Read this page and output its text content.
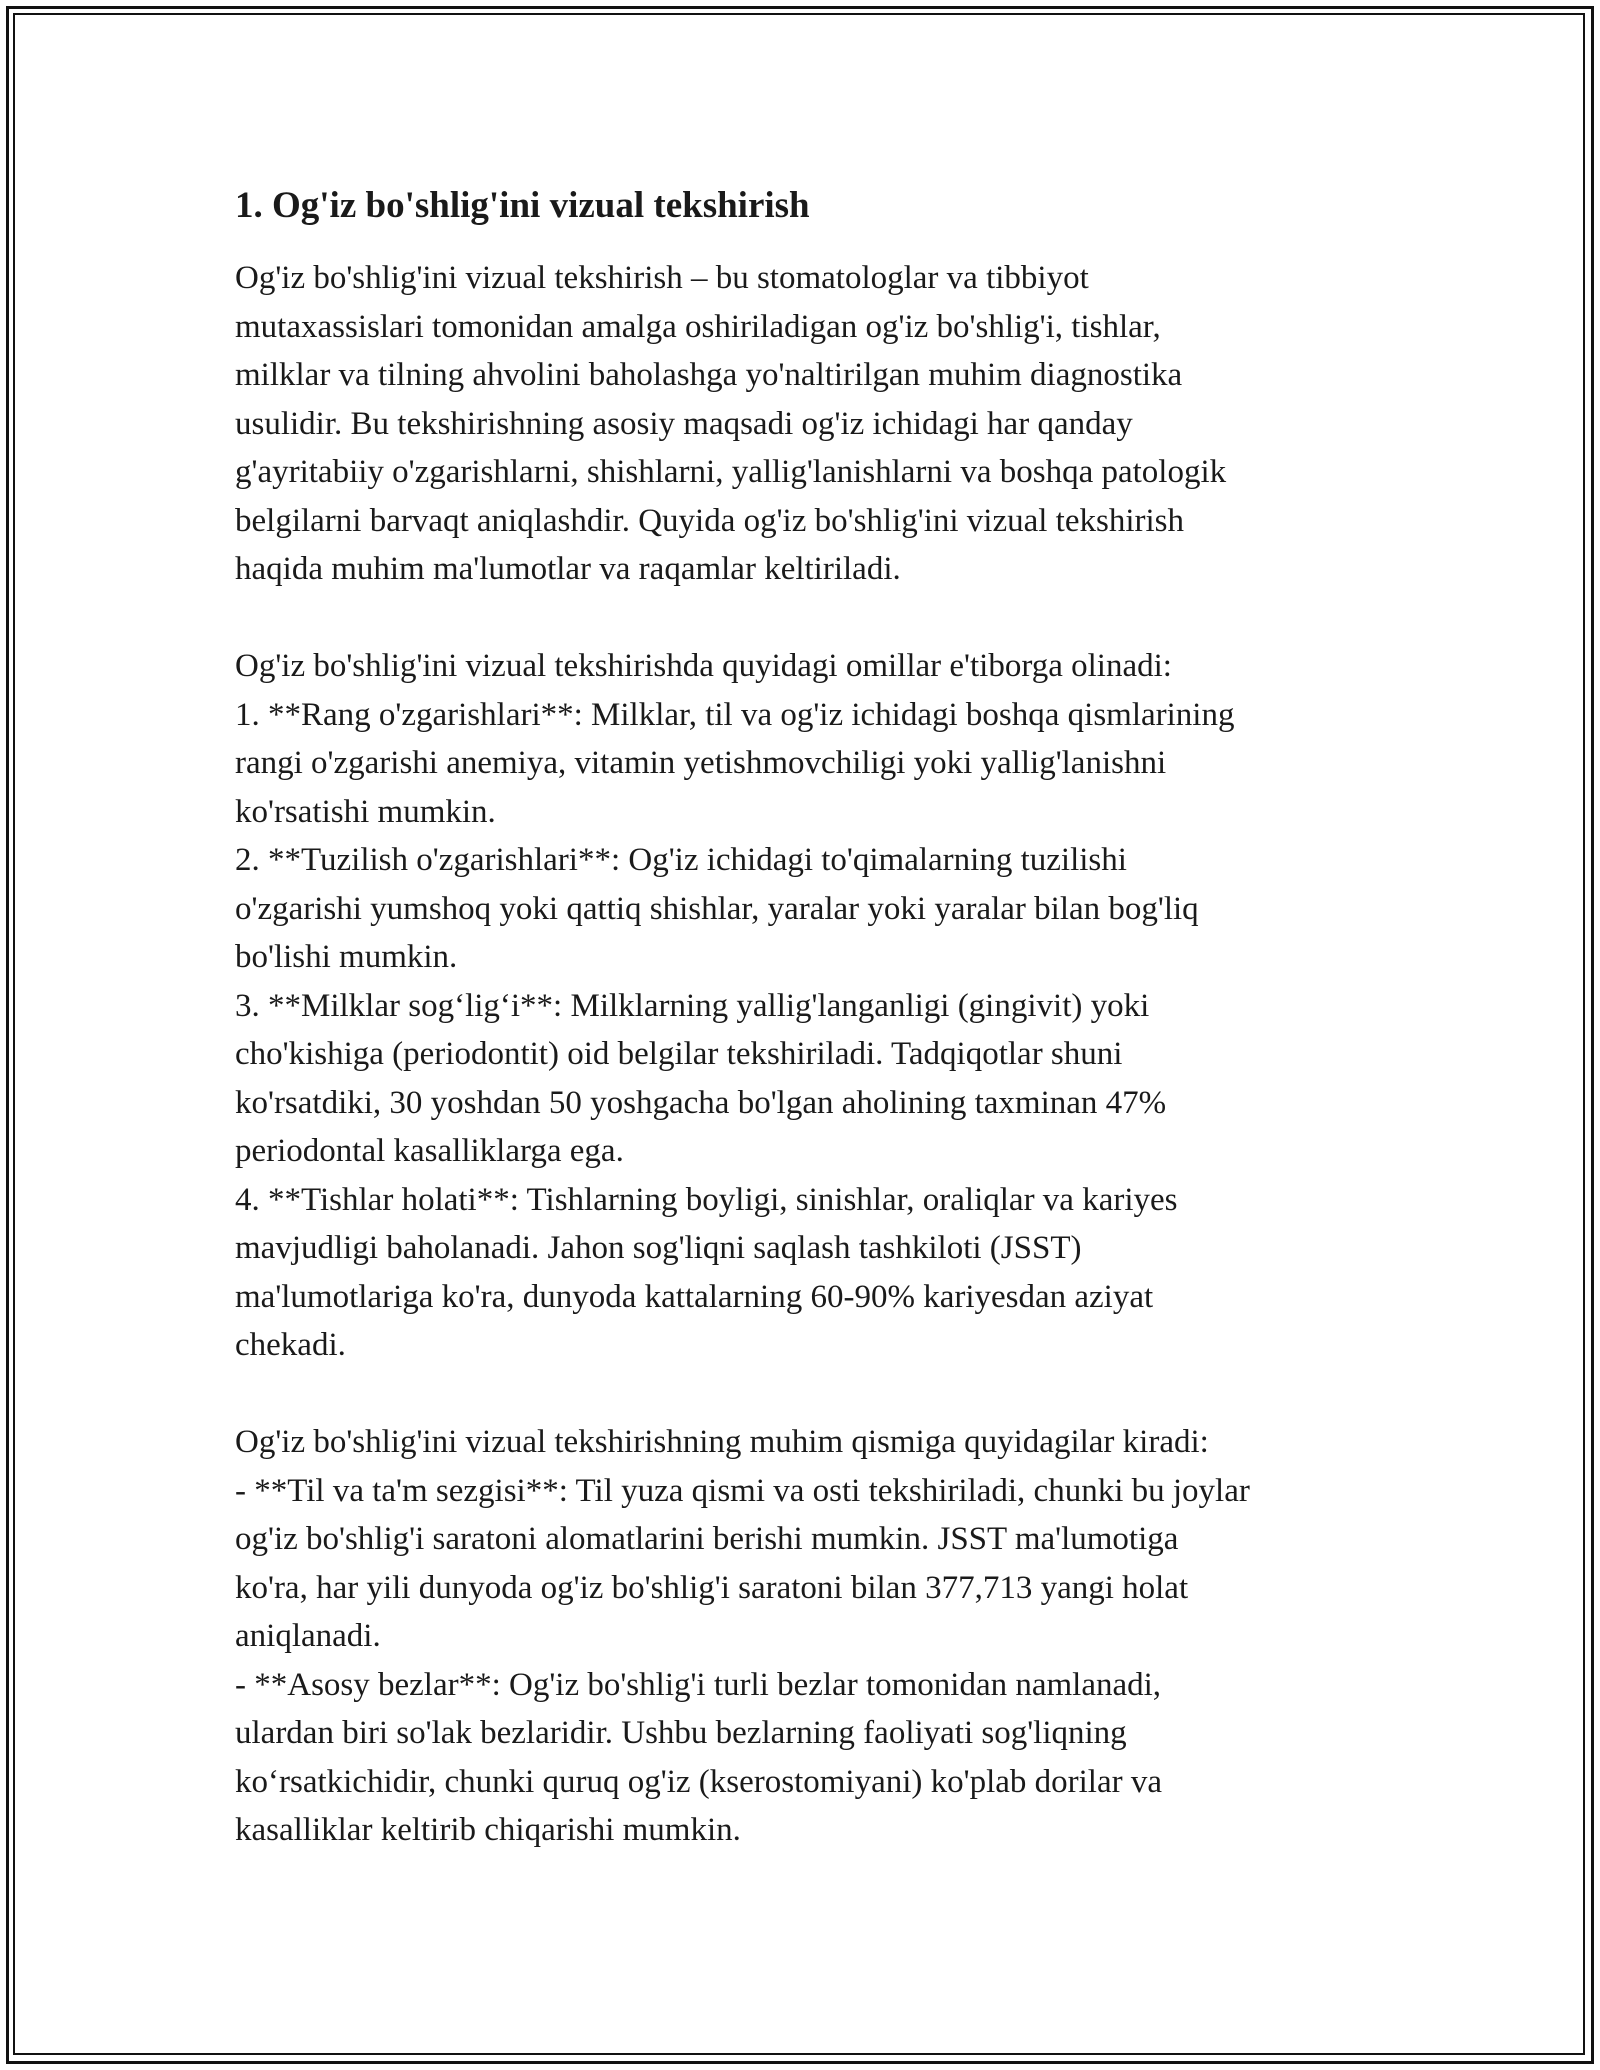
1. Og'iz bo'shlig'ini vizual tekshirish
Og'iz bo'shlig'ini vizual tekshirish – bu stomatologlar va tibbiyot
mutaxassislari tomonidan amalga oshiriladigan og'iz bo'shlig'i, tishlar,
milklar va tilning ahvolini baholashga yo'naltirilgan muhim diagnostika
usulidir. Bu tekshirishning asosiy maqsadi og'iz ichidagi har qanday
g'ayritabiiy o'zgarishlarni, shishlarni, yallig'lanishlarni va boshqa patologik
belgilarni barvaqt aniqlashdir. Quyida og'iz bo'shlig'ini vizual tekshirish
haqida muhim ma'lumotlar va raqamlar keltiriladi.
Og'iz bo'shlig'ini vizual tekshirishda quyidagi omillar e'tiborga olinadi:
1. **Rang o'zgarishlari**: Milklar, til va og'iz ichidagi boshqa qismlarining
rangi o'zgarishi anemiya, vitamin yetishmovchiligi yoki yallig'lanishni
ko'rsatishi mumkin.
2. **Tuzilish o'zgarishlari**: Og'iz ichidagi to'qimalarning tuzilishi
o'zgarishi yumshoq yoki qattiq shishlar, yaralar yoki yaralar bilan bog'liq
bo'lishi mumkin.
3. **Milklar sog‘lig‘i**: Milklarning yallig'langanligi (gingivit) yoki
cho'kishiga (periodontit) oid belgilar tekshiriladi. Tadqiqotlar shuni
ko'rsatdiki, 30 yoshdan 50 yoshgacha bo'lgan aholining taxminan 47%
periodontal kasalliklarga ega.
4. **Tishlar holati**: Tishlarning boyligi, sinishlar, oraliqlar va kariyes
mavjudligi baholanadi. Jahon sog'liqni saqlash tashkiloti (JSST)
ma'lumotlariga ko'ra, dunyoda kattalarning 60-90% kariyesdan aziyat
chekadi.
Og'iz bo'shlig'ini vizual tekshirishning muhim qismiga quyidagilar kiradi:
- **Til va ta'm sezgisi**: Til yuza qismi va osti tekshiriladi, chunki bu joylar
og'iz bo'shlig'i saratoni alomatlarini berishi mumkin. JSST ma'lumotiga
ko'ra, har yili dunyoda og'iz bo'shlig'i saratoni bilan 377,713 yangi holat
aniqlanadi.
- **Asosy bezlar**: Og'iz bo'shlig'i turli bezlar tomonidan namlanadi,
ulardan biri so'lak bezlaridir. Ushbu bezlarning faoliyati sog'liqning
ko‘rsatkichidir, chunki quruq og'iz (kserostomiyani) ko'plab dorilar va
kasalliklar keltirib chiqarishi mumkin.
